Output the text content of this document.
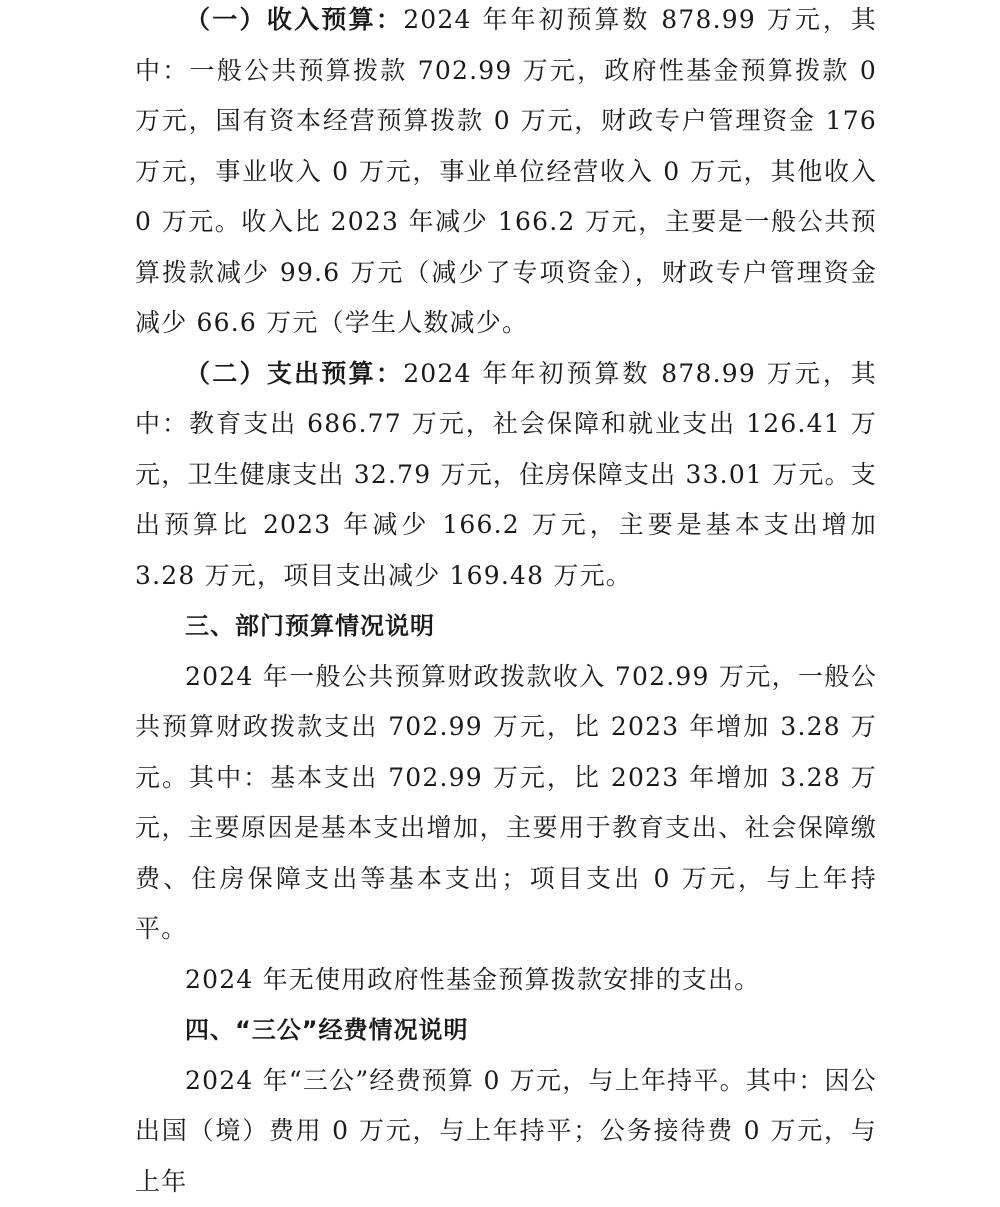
（一）收入预算：2024 年年初预算数 878.99 万元，其中：一般公共预算拨款 702.99 万元，政府性基金预算拨款 0 万元，国有资本经营预算拨款 0 万元，财政专户管理资金 176 万元，事业收入 0 万元，事业单位经营收入 0 万元，其他收入 0 万元。收入比 2023 年减少 166.2 万元，主要是一般公共预算拨款减少 99.6 万元（减少了专项资金），财政专户管理资金减少 66.6 万元（学生人数减少。

（二）支出预算：2024 年年初预算数 878.99 万元，其中：教育支出 686.77 万元，社会保障和就业支出 126.41 万元，卫生健康支出 32.79 万元，住房保障支出 33.01 万元。支出预算比 2023 年减少 166.2 万元，主要是基本支出增加 3.28 万元，项目支出减少 169.48 万元。

三、部门预算情况说明

2024 年一般公共预算财政拨款收入 702.99 万元，一般公共预算财政拨款支出 702.99 万元，比 2023 年增加 3.28 万元。其中：基本支出 702.99 万元，比 2023 年增加 3.28 万元，主要原因是基本支出增加，主要用于教育支出、社会保障缴费、住房保障支出等基本支出；项目支出 0 万元，与上年持平。

2024 年无使用政府性基金预算拨款安排的支出。

四、“三公”经费情况说明

2024 年“三公”经费预算 0 万元，与上年持平。其中：因公出国（境）费用 0 万元，与上年持平；公务接待费 0 万元，与上年
